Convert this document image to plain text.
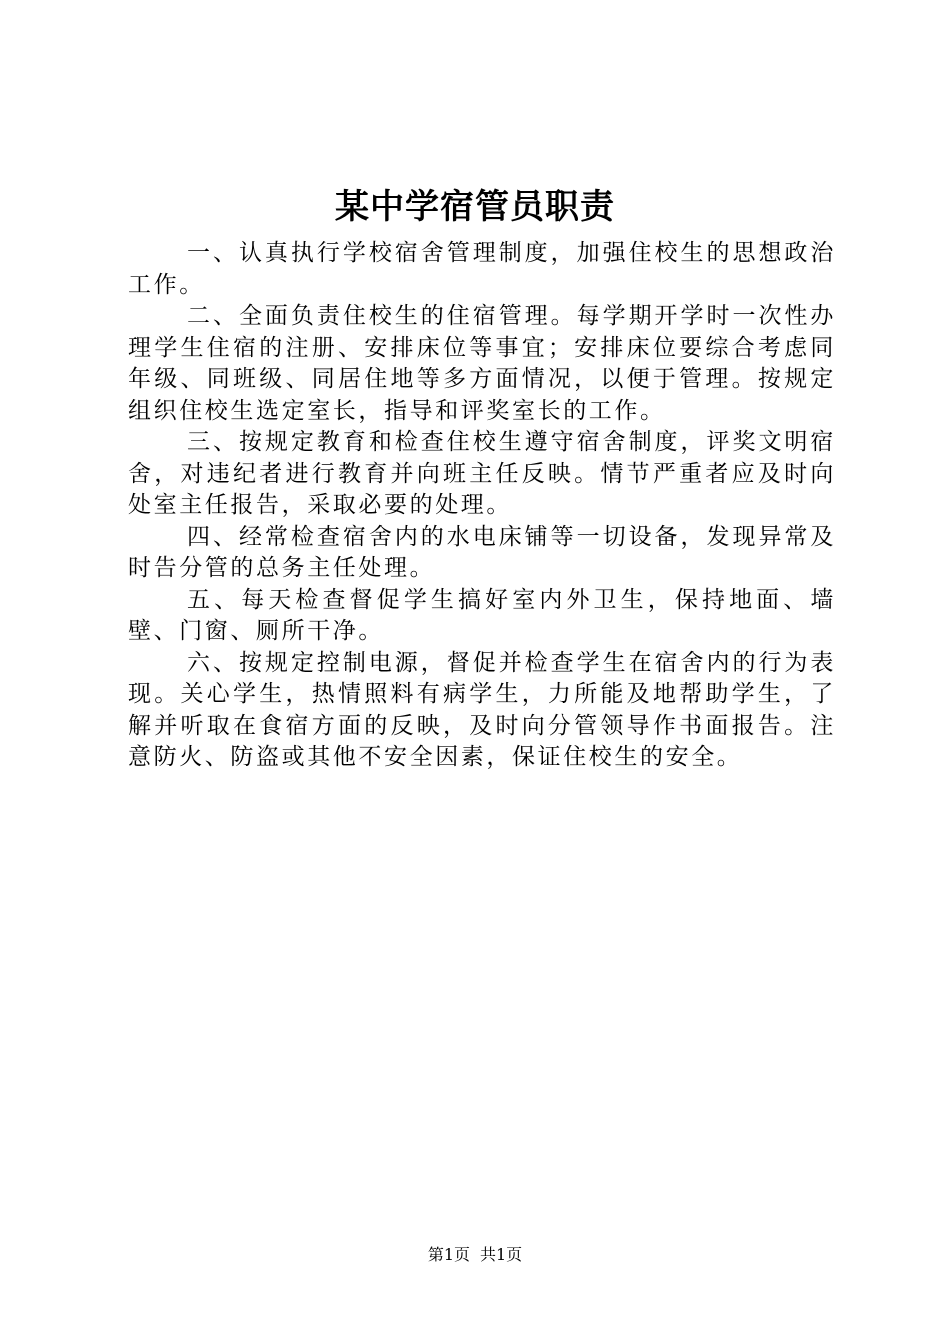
某中学宿管员职责

一、认真执行学校宿舍管理制度，加强住校生的思想政治工作。

二、全面负责住校生的住宿管理。每学期开学时一次性办理学生住宿的注册、安排床位等事宜；安排床位要综合考虑同年级、同班级、同居住地等多方面情况，以便于管理。按规定组织住校生选定室长，指导和评奖室长的工作。

三、按规定教育和检查住校生遵守宿舍制度，评奖文明宿舍，对违纪者进行教育并向班主任反映。情节严重者应及时向处室主任报告，采取必要的处理。

四、经常检查宿舍内的水电床铺等一切设备，发现异常及时告分管的总务主任处理。

五、每天检查督促学生搞好室内外卫生，保持地面、墙壁、门窗、厕所干净。

六、按规定控制电源，督促并检查学生在宿舍内的行为表现。关心学生，热情照料有病学生，力所能及地帮助学生，了解并听取在食宿方面的反映，及时向分管领导作书面报告。注意防火、防盗或其他不安全因素，保证住校生的安全。

第1页 共1页
